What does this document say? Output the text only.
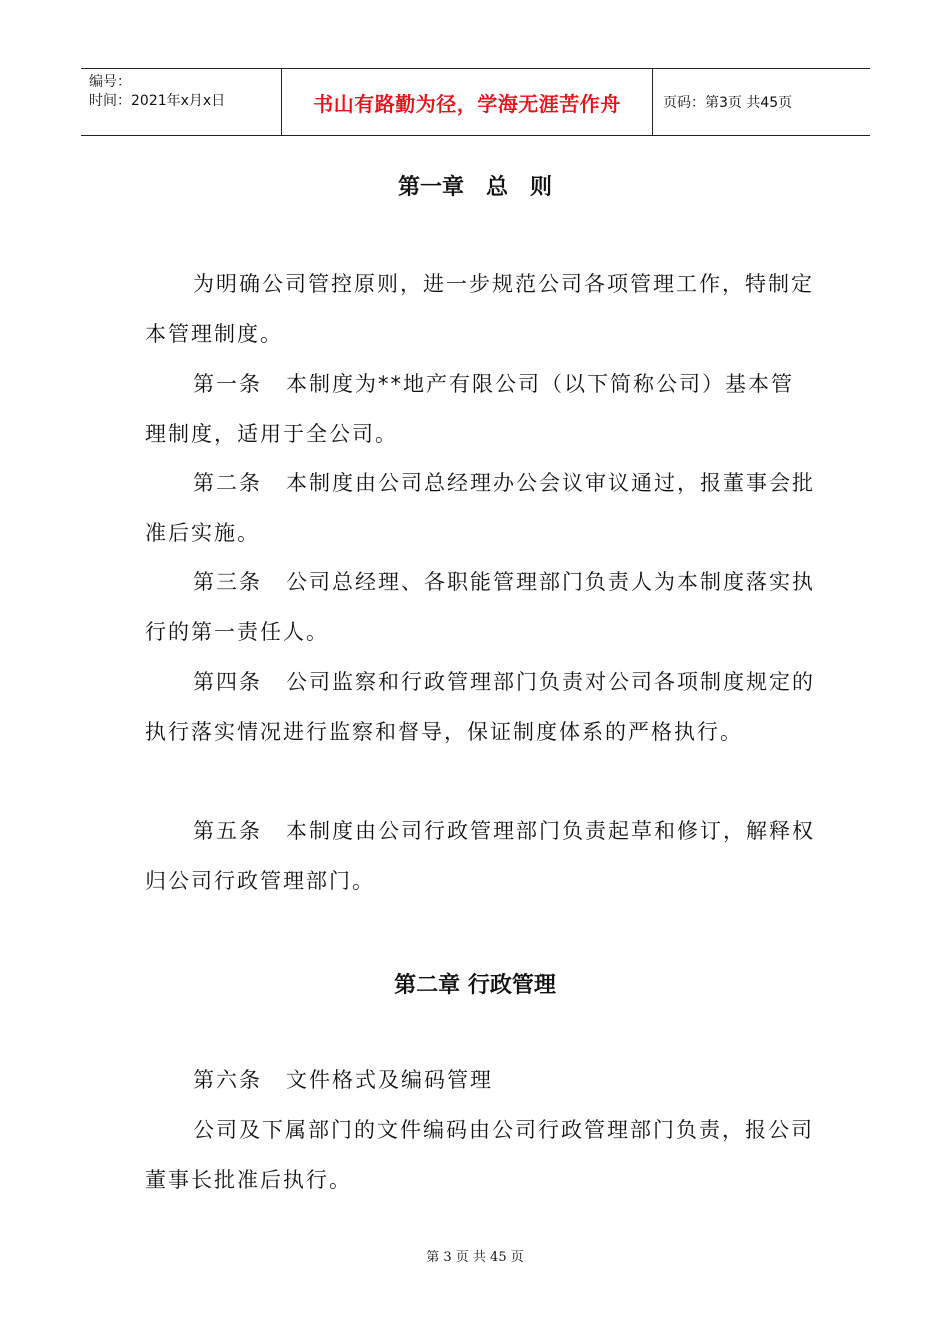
编号：
时间：2021年x月x日	书山有路勤为径，学海无涯苦作舟	页码：第3页 共45页
第一章　总　则

为明确公司管控原则，进一步规范公司各项管理工作，特制定本管理制度。

第一条 本制度为**地产有限公司（以下简称公司）基本管理制度，适用于全公司。

第二条 本制度由公司总经理办公会议审议通过，报董事会批准后实施。

第三条 公司总经理、各职能管理部门负责人为本制度落实执行的第一责任人。

第四条 公司监察和行政管理部门负责对公司各项制度规定的执行落实情况进行监察和督导，保证制度体系的严格执行。

第五条 本制度由公司行政管理部门负责起草和修订，解释权归公司行政管理部门。

第二章 行政管理

第六条 文件格式及编码管理

公司及下属部门的文件编码由公司行政管理部门负责，报公司董事长批准后执行。

第 3 页 共 45 页
